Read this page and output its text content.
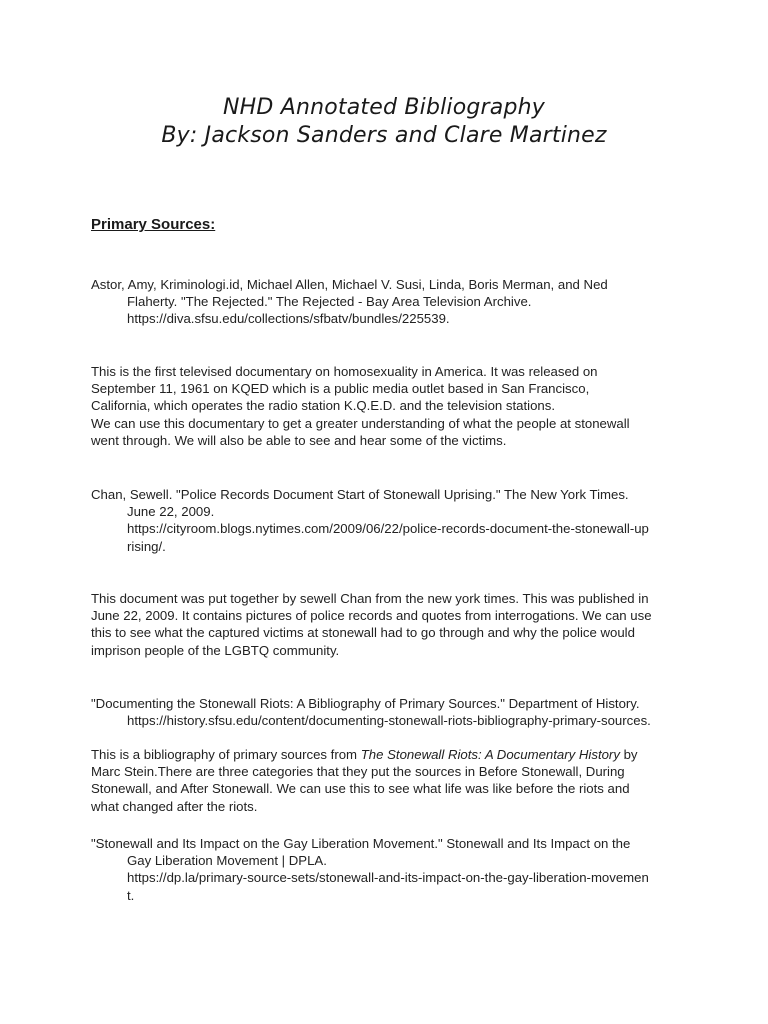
NHD Annotated Bibliography
By: Jackson Sanders and Clare Martinez
Primary Sources:
Astor, Amy, Kriminologi.id, Michael Allen, Michael V. Susi, Linda, Boris Merman, and Ned
Flaherty. "The Rejected." The Rejected - Bay Area Television Archive.
https://diva.sfsu.edu/collections/sfbatv/bundles/225539.
This is the first televised documentary on homosexuality in America. It was released on
September 11, 1961 on KQED which is a public media outlet based in San Francisco,
California, which operates the radio station K.Q.E.D. and the television stations.
We can use this documentary to get a greater understanding of what the people at stonewall
went through. We will also be able to see and hear some of the victims.
Chan, Sewell. "Police Records Document Start of Stonewall Uprising." The New York Times.
June 22, 2009.
https://cityroom.blogs.nytimes.com/2009/06/22/police-records-document-the-stonewall-up
rising/.
This document was put together by sewell Chan from the new york times. This was published in
June 22, 2009. It contains pictures of police records and quotes from interrogations. We can use
this to see what the captured victims at stonewall had to go through and why the police would
imprison people of the LGBTQ community.
"Documenting the Stonewall Riots: A Bibliography of Primary Sources." Department of History.
https://history.sfsu.edu/content/documenting-stonewall-riots-bibliography-primary-sources.
This is a bibliography of primary sources from The Stonewall Riots: A Documentary History by
Marc Stein.There are three categories that they put the sources in Before Stonewall, During
Stonewall, and After Stonewall. We can use this to see what life was like before the riots and
what changed after the riots.
"Stonewall and Its Impact on the Gay Liberation Movement." Stonewall and Its Impact on the
Gay Liberation Movement | DPLA.
https://dp.la/primary-source-sets/stonewall-and-its-impact-on-the-gay-liberation-movemen
t.
